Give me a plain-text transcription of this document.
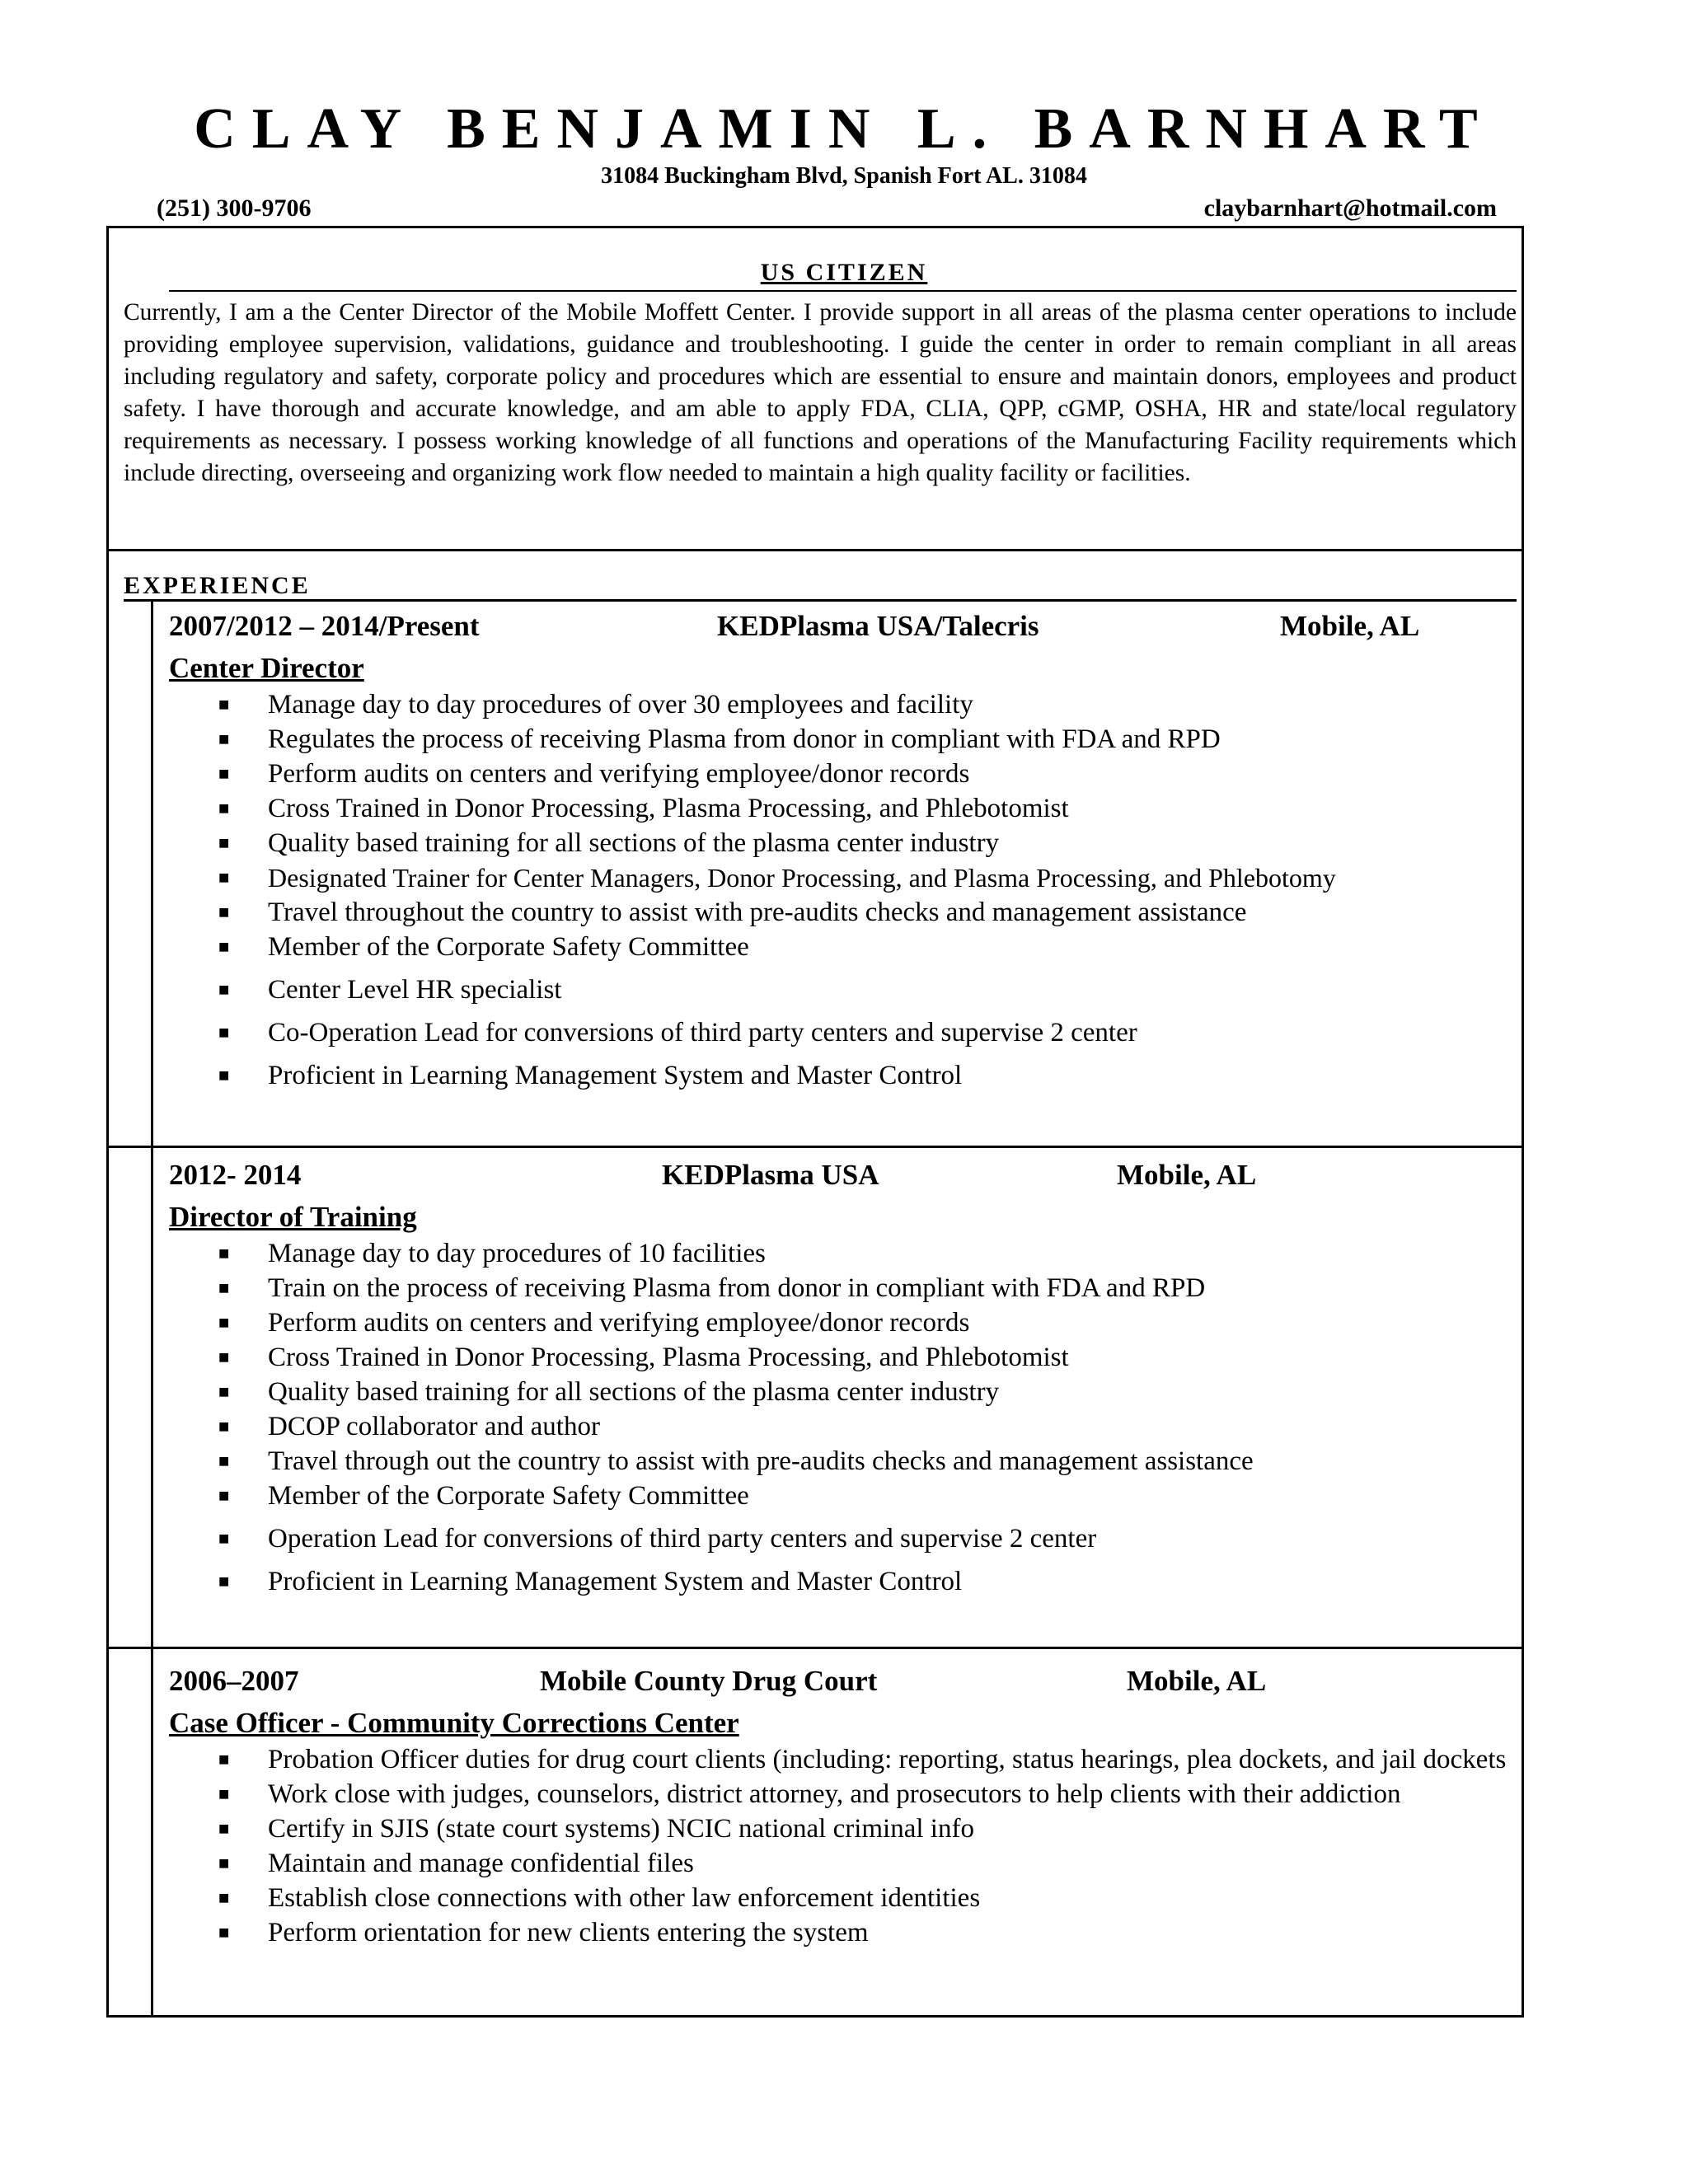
CLAY BENJAMIN L. BARNHART
31084 Buckingham Blvd, Spanish Fort AL. 31084
(251) 300-9706	claybarnhart@hotmail.com
US CITIZEN
Currently, I am a the Center Director of the Mobile Moffett Center. I provide support in all areas of the plasma center operations to include providing employee supervision, validations, guidance and troubleshooting. I guide the center in order to remain compliant in all areas including regulatory and safety, corporate policy and procedures which are essential to ensure and maintain donors, employees and product safety. I have thorough and accurate knowledge, and am able to apply FDA, CLIA, QPP, cGMP, OSHA, HR and state/local regulatory requirements as necessary. I possess working knowledge of all functions and operations of the Manufacturing Facility requirements which include directing, overseeing and organizing work flow needed to maintain a high quality facility or facilities.
EXPERIENCE
2007/2012 – 2014/Present	KEDPlasma USA/Talecris	Mobile, AL
Center Director
■ Manage day to day procedures of over 30 employees and facility
■ Regulates the process of receiving Plasma from donor in compliant with FDA and RPD
■ Perform audits on centers and verifying employee/donor records
■ Cross Trained in Donor Processing, Plasma Processing, and Phlebotomist
■ Quality based training for all sections of the plasma center industry
■ Designated Trainer for Center Managers, Donor Processing, and Plasma Processing, and Phlebotomy
■ Travel throughout the country to assist with pre-audits checks and management assistance
■ Member of the Corporate Safety Committee
■ Center Level HR specialist
■ Co-Operation Lead for conversions of third party centers and supervise 2 center
■ Proficient in Learning Management System and Master Control
2012- 2014	KEDPlasma USA	Mobile, AL
Director of Training
■ Manage day to day procedures of 10 facilities
■ Train on the process of receiving Plasma from donor in compliant with FDA and RPD
■ Perform audits on centers and verifying employee/donor records
■ Cross Trained in Donor Processing, Plasma Processing, and Phlebotomist
■ Quality based training for all sections of the plasma center industry
■ DCOP collaborator and author
■ Travel through out the country to assist with pre-audits checks and management assistance
■ Member of the Corporate Safety Committee
■ Operation Lead for conversions of third party centers and supervise 2 center
■ Proficient in Learning Management System and Master Control
2006–2007	Mobile County Drug Court	Mobile, AL
Case Officer - Community Corrections Center
■ Probation Officer duties for drug court clients (including: reporting, status hearings, plea dockets, and jail dockets
■ Work close with judges, counselors, district attorney, and prosecutors to help clients with their addiction
■ Certify in SJIS (state court systems) NCIC national criminal info
■ Maintain and manage confidential files
■ Establish close connections with other law enforcement identities
■ Perform orientation for new clients entering the system
